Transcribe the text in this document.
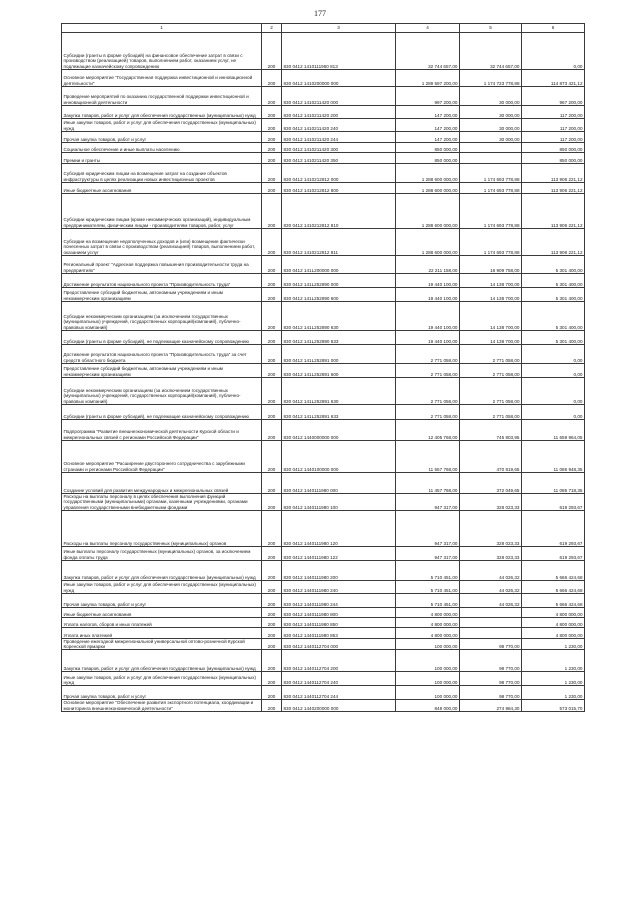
177
1	2	3	4	5	6
Субсидии (гранты в форме субсидий) на финансовое обеспечение затрат в связи с производством (реализацией) товаров, выполнением работ, оказанием услуг, не подлежащие казначейскому сопровождению	200	830 0412 1410111950 813	32 744 657,00	32 744 657,00	0,00
Основное мероприятие "Государственная поддержка инвестиционной и инновационной деятельности"	200	830 0412 1410200000 000	1 289 597 200,00	1 174 723 778,88	114 873 421,12
Проведение мероприятий по оказанию государственной поддержки инвестиционной и инновационной деятельности	200	830 0412 1410211420 000	997 200,00	30 000,00	967 200,00
Закупка товаров, работ и услуг для обеспечения государственных (муниципальных) нужд	200	830 0412 1410211420 200	147 200,00	30 000,00	117 200,00
Иные закупки товаров, работ и услуг для обеспечения государственных (муниципальных) нужд	200	830 0412 1410211420 240	147 200,00	30 000,00	117 200,00
Прочая закупка товаров, работ и услуг	200	830 0412 1410211420 244	147 200,00	30 000,00	117 200,00
Социальное обеспечение и иные выплаты населению	200	830 0412 1410211420 300	850 000,00		850 000,00
Премии и гранты	200	830 0412 1410211420 350	850 000,00		850 000,00
Субсидия юридическим лицам на возмещение затрат на создание объектов инфраструктуры в целях реализации новых инвестиционных проектов	200	830 0412 1410212812 000	1 288 600 000,00	1 174 693 778,88	113 906 221,12
Иные бюджетные ассигнования	200	830 0412 1410212812 800	1 288 600 000,00	1 174 693 778,88	113 906 221,12
Субсидии юридическим лицам (кроме некоммерческих организаций), индивидуальным предпринимателям, физическим лицам - производителям товаров, работ, услуг	200	830 0412 1410212812 810	1 288 600 000,00	1 174 693 778,88	113 906 221,12
Субсидии на возмещение недополученных доходов и (или) возмещение фактически понесенных затрат в связи с производством (реализацией) товаров, выполнением работ, оказанием услуг	200	830 0412 1410212812 811	1 288 600 000,00	1 174 693 778,88	113 906 221,12
Региональный проект "Адресная поддержка повышения производительности труда на предприятиях"	200	830 0412 141L200000 000	22 211 158,00	16 909 758,00	5 301 400,00
Достижение результатов национального проекта "Производительность труда"	200	830 0412 141L252890 000	19 440 100,00	14 138 700,00	5 301 400,00
Предоставление субсидий бюджетным, автономным учреждениям и иным некоммерческим организациям	200	830 0412 141L252890 600	19 440 100,00	14 138 700,00	5 301 400,00
Субсидии некоммерческим организациям (за исключением государственных (муниципальных) учреждений, государственных корпораций(компаний), публично-правовых компаний)	200	830 0412 141L252890 630	19 440 100,00	14 138 700,00	5 301 400,00
Субсидии (гранты в форме субсидий), не подлежащие казначейскому сопровождению	200	830 0412 141L252890 633	19 440 100,00	14 138 700,00	5 301 400,00
Достижение результатов национального проекта "Производительность труда" за счет средств областного бюджета	200	830 0412 141L252891 000	2 771 058,00	2 771 058,00	0,00
Предоставление субсидий бюджетным, автономным учреждениям и иным некоммерческим организациям	200	830 0412 141L252891 600	2 771 058,00	2 771 058,00	0,00
Субсидии некоммерческим организациям (за исключением государственных (муниципальных) учреждений, государственных корпораций(компаний), публично-правовых компаний)	200	830 0412 141L252891 630	2 771 058,00	2 771 058,00	0,00
Субсидии (гранты в форме субсидий), не подлежащие казначейскому сопровождению	200	830 0412 141L252891 633	2 771 058,00	2 771 058,00	0,00
Подпрограмма "Развитие внешнеэкономической деятельности Курской области и межрегиональных связей с регионами Российской Федерации"	200	830 0412 1440000000 000	12 405 768,00	745 803,95	11 659 964,05
Основное мероприятие "Расширение двустороннего сотрудничества с зарубежными странами и регионами Российской Федерации"	200	830 0412 1440100000 000	11 557 768,00	470 819,65	11 086 948,35
Создание условий для развития международных и межрегиональных связей	200	830 0412 1440111980 000	11 457 768,00	372 049,65	11 085 718,35
Расходы на выплаты персоналу в целях обеспечения выполнения функций государственными (муниципальными) органами, казенными учреждениями, органами управления государственными внебюджетными фондами	200	830 0412 1440111980 100	947 317,00	328 023,33	619 293,67
Расходы на выплаты персоналу государственных (муниципальных) органов	200	830 0412 1440111980 120	947 317,00	328 023,33	619 293,67
Иные выплаты персоналу государственных (муниципальных) органов, за исключением фонда оплаты труда	200	830 0412 1440111980 122	947 317,00	328 023,33	619 293,67
Закупка товаров, работ и услуг для обеспечения государственных (муниципальных) нужд	200	830 0412 1440111980 200	5 710 451,00	44 026,32	5 666 424,68
Иные закупки товаров, работ и услуг для обеспечения государственных (муниципальных) нужд	200	830 0412 1440111980 240	5 710 451,00	44 026,32	5 666 424,68
Прочая закупка товаров, работ и услуг	200	830 0412 1440111980 244	5 710 451,00	44 026,32	5 666 424,68
Иные бюджетные ассигнования	200	830 0412 1440111980 800	4 800 000,00		4 800 000,00
Уплата налогов, сборов и иных платежей	200	830 0412 1440111980 850	4 800 000,00		4 800 000,00
Уплата иных платежей	200	830 0412 1440111980 853	4 800 000,00		4 800 000,00
Проведение ежегодной межрегиональной универсальной оптово-розничной Курской Коренской ярмарки	200	830 0412 1440112704 000	100 000,00	98 770,00	1 230,00
Закупка товаров, работ и услуг для обеспечения государственных (муниципальных) нужд	200	830 0412 1440112704 200	100 000,00	98 770,00	1 230,00
Иные закупки товаров, работ и услуг для обеспечения государственных (муниципальных) нужд	200	830 0412 1440112704 240	100 000,00	98 770,00	1 230,00
Прочая закупка товаров, работ и услуг	200	830 0412 1440112704 244	100 000,00	98 770,00	1 230,00
Основное мероприятие "Обеспечение развития экспортного потенциала, координации и мониторинга внешнеэкономической деятельности"	200	830 0412 1440200000 000	848 000,00	274 984,30	573 015,70
